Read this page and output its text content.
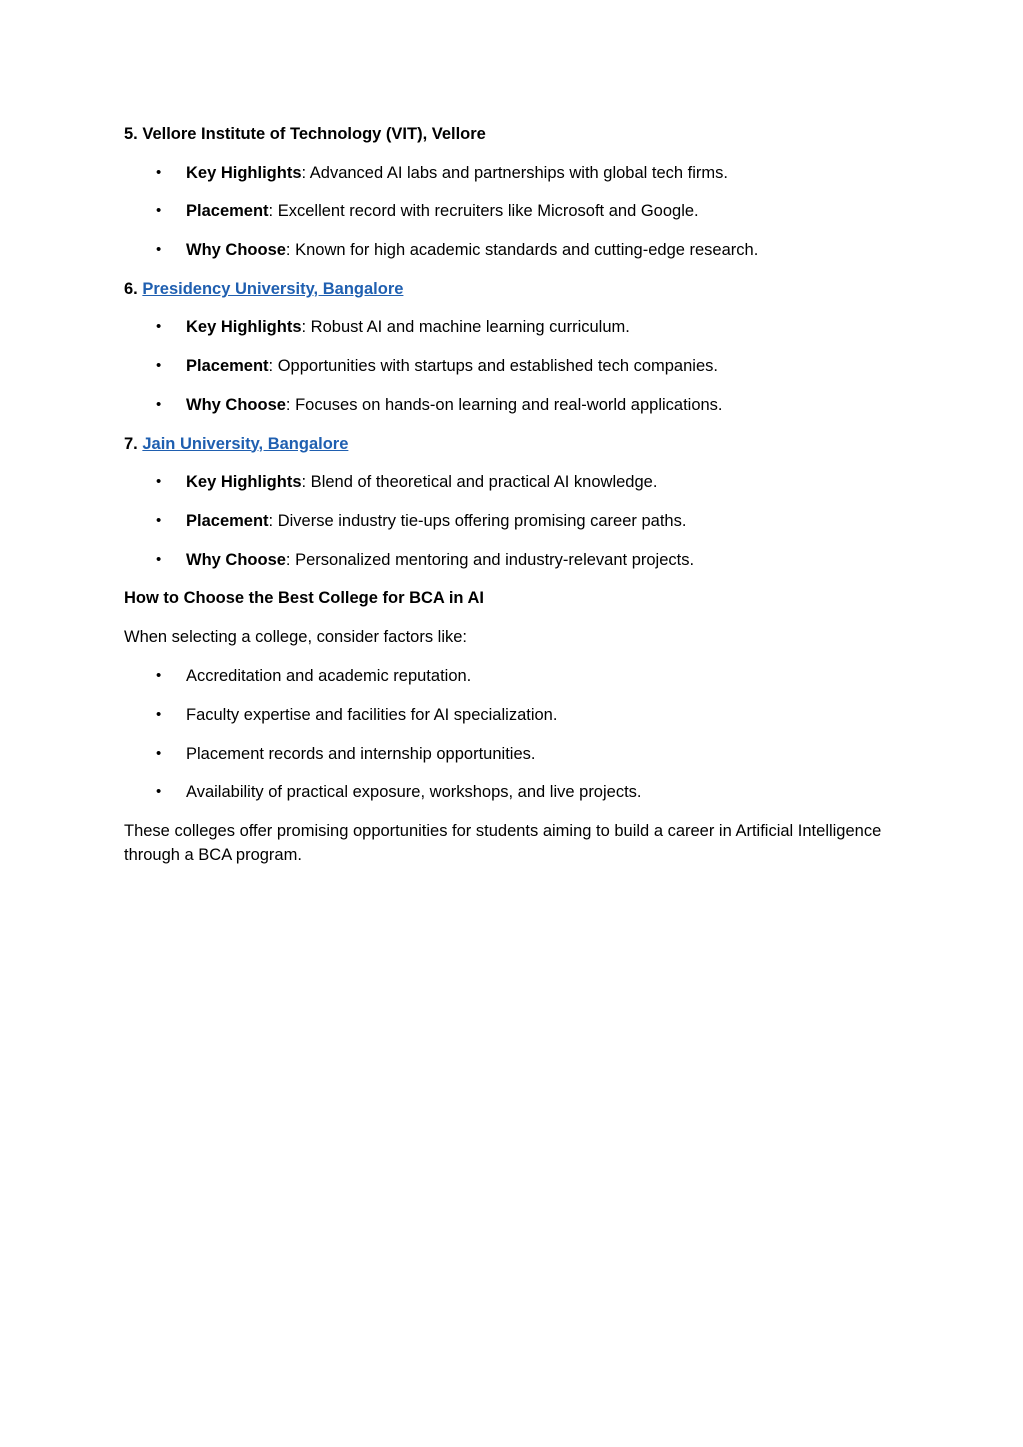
5. Vellore Institute of Technology (VIT), Vellore
• Key Highlights: Advanced AI labs and partnerships with global tech firms.
• Placement: Excellent record with recruiters like Microsoft and Google.
• Why Choose: Known for high academic standards and cutting-edge research.
6. Presidency University, Bangalore
• Key Highlights: Robust AI and machine learning curriculum.
• Placement: Opportunities with startups and established tech companies.
• Why Choose: Focuses on hands-on learning and real-world applications.
7. Jain University, Bangalore
• Key Highlights: Blend of theoretical and practical AI knowledge.
• Placement: Diverse industry tie-ups offering promising career paths.
• Why Choose: Personalized mentoring and industry-relevant projects.
How to Choose the Best College for BCA in AI
When selecting a college, consider factors like:
• Accreditation and academic reputation.
• Faculty expertise and facilities for AI specialization.
• Placement records and internship opportunities.
• Availability of practical exposure, workshops, and live projects.
These colleges offer promising opportunities for students aiming to build a career in Artificial Intelligence through a BCA program.
